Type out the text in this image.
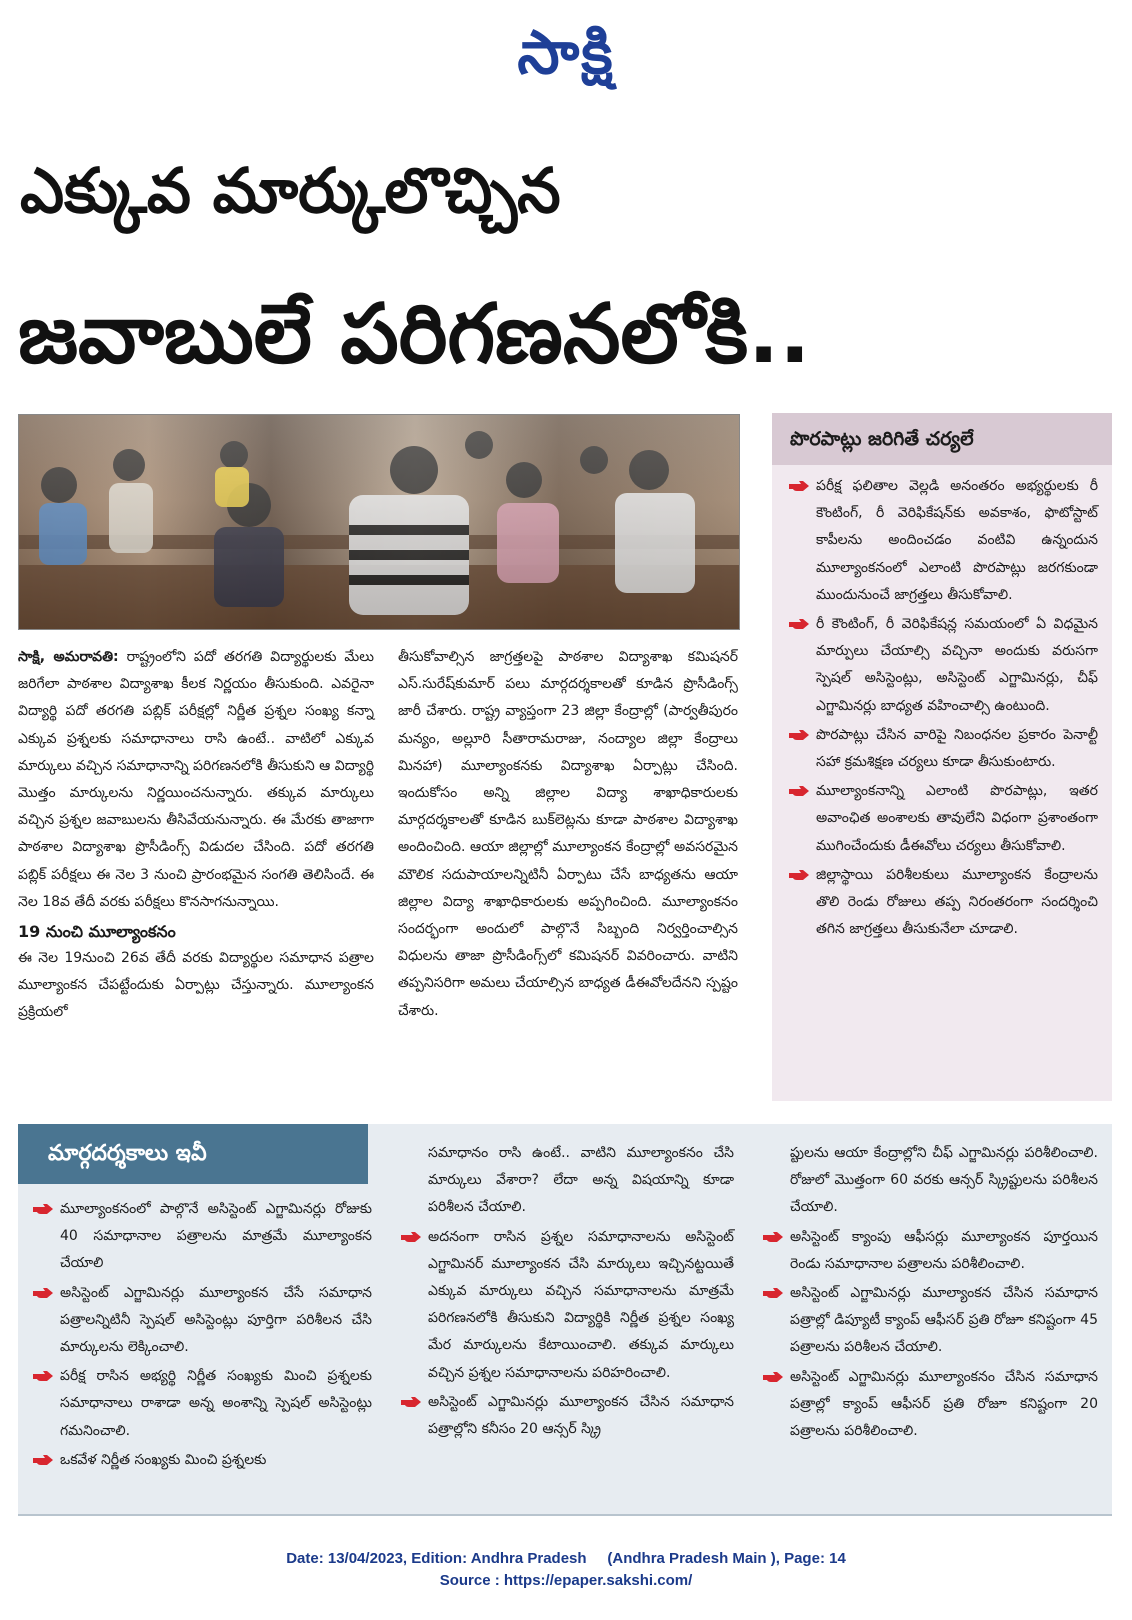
సాక్షి
ఎక్కువ మార్కులొచ్చిన
జవాబులే పరిగణనలోకి..

సాక్షి, అమరావతి: రాష్ట్రంలోని పదో తరగతి విద్యార్థులకు మేలు జరిగేలా పాఠశాల విద్యాశాఖ కీలక నిర్ణయం తీసుకుంది. ఎవరైనా విద్యార్థి పదో తరగతి పబ్లిక్ పరీక్షల్లో నిర్ణీత ప్రశ్నల సంఖ్య కన్నా ఎక్కువ ప్రశ్నలకు సమాధానాలు రాసి ఉంటే.. వాటిలో ఎక్కువ మార్కులు వచ్చిన సమాధానాన్ని పరిగణనలోకి తీసుకుని ఆ విద్యార్థి మొత్తం మార్కులను నిర్ణయించనున్నారు. తక్కువ మార్కులు వచ్చిన ప్రశ్నల జవాబులను తీసివేయనున్నారు. ఈ మేరకు తాజాగా పాఠశాల విద్యాశాఖ ప్రొసీడింగ్స్ విడుదల చేసింది. పదో తరగతి పబ్లిక్ పరీక్షలు ఈ నెల 3 నుంచి ప్రారంభమైన సంగతి తెలిసిందే. ఈ నెల 18వ తేదీ వరకు పరీక్షలు కొనసాగనున్నాయి.

19 నుంచి మూల్యాంకనం

ఈ నెల 19నుంచి 26వ తేదీ వరకు విద్యార్థుల సమాధాన పత్రాల మూల్యాంకన చేపట్టేందుకు ఏర్పాట్లు చేస్తున్నారు. మూల్యాంకన ప్రక్రియలో

తీసుకోవాల్సిన జాగ్రత్తలపై పాఠశాల విద్యాశాఖ కమిషనర్ ఎస్.సురేష్‌కుమార్ పలు మార్గదర్శకాలతో కూడిన ప్రొసీడింగ్స్ జారీ చేశారు. రాష్ట్ర వ్యాప్తంగా 23 జిల్లా కేంద్రాల్లో (పార్వతీపురం మన్యం, అల్లూరి సీతారామరాజు, నంద్యాల జిల్లా కేంద్రాలు మినహా) మూల్యాంకనకు విద్యాశాఖ ఏర్పాట్లు చేసింది. ఇందుకోసం అన్ని జిల్లాల విద్యా శాఖాధికారులకు మార్గదర్శకాలతో కూడిన బుక్‌లెట్లను కూడా పాఠశాల విద్యాశాఖ అందించింది. ఆయా జిల్లాల్లో మూల్యాంకన కేంద్రాల్లో అవసరమైన మౌలిక సదుపాయాలన్నిటినీ ఏర్పాటు చేసే బాధ్యతను ఆయా జిల్లాల విద్యా శాఖాధికారులకు అప్పగించింది. మూల్యాంకనం సందర్భంగా అందులో పాల్గొనే సిబ్బంది నిర్వర్తించాల్సిన విధులను తాజా ప్రొసీడింగ్స్‌లో కమిషనర్ వివరించారు. వాటిని తప్పనిసరిగా అమలు చేయాల్సిన బాధ్యత డీఈవోలదేనని స్పష్టం చేశారు.

పొరపాట్లు జరిగితే చర్యలే
పరీక్ష ఫలితాల వెల్లడి అనంతరం అభ్యర్థులకు రీ కౌంటింగ్, రీ వెరిఫికేషన్‌కు అవకాశం, ఫొటోస్టాట్ కాపీలను అందించడం వంటివి ఉన్నందున మూల్యాంకనంలో ఎలాంటి పొరపాట్లు జరగకుండా ముందునుంచే జాగ్రత్తలు తీసుకోవాలి.
రీ కౌంటింగ్, రీ వెరిఫికేషన్ల సమయంలో ఏ విధమైన మార్పులు చేయాల్సి వచ్చినా అందుకు వరుసగా స్పెషల్ అసిస్టెంట్లు, అసిస్టెంట్ ఎగ్జామినర్లు, చీఫ్ ఎగ్జామినర్లు బాధ్యత వహించాల్సి ఉంటుంది.
పొరపాట్లు చేసిన వారిపై నిబంధనల ప్రకారం పెనాల్టీ సహా క్రమశిక్షణ చర్యలు కూడా తీసుకుంటారు.
మూల్యాంకనాన్ని ఎలాంటి పొరపాట్లు, ఇతర అవాంఛిత అంశాలకు తావులేని విధంగా ప్రశాంతంగా ముగించేందుకు డీఈవోలు చర్యలు తీసుకోవాలి.
జిల్లాస్థాయి పరిశీలకులు మూల్యాంకన కేంద్రాలను తొలి రెండు రోజులు తప్ప నిరంతరంగా సందర్శించి తగిన జాగ్రత్తలు తీసుకునేలా చూడాలి.
మార్గదర్శకాలు ఇవీ
మూల్యాంకనంలో పాల్గొనే అసిస్టెంట్ ఎగ్జామినర్లు రోజుకు 40 సమాధానాల పత్రాలను మాత్రమే మూల్యాంకన చేయాలి
అసిస్టెంట్ ఎగ్జామినర్లు మూల్యాంకన చేసే సమాధాన పత్రాలన్నిటినీ స్పెషల్ అసిస్టెంట్లు పూర్తిగా పరిశీలన చేసి మార్కులను లెక్కించాలి.
పరీక్ష రాసిన అభ్యర్థి నిర్ణీత సంఖ్యకు మించి ప్రశ్నలకు సమాధానాలు రాశాడా అన్న అంశాన్ని స్పెషల్ అసిస్టెంట్లు గమనించాలి.
ఒకవేళ నిర్ణీత సంఖ్యకు మించి ప్రశ్నలకు

సమాధానం రాసి ఉంటే.. వాటిని మూల్యాంకనం చేసి మార్కులు వేశారా? లేదా అన్న విషయాన్ని కూడా పరిశీలన చేయాలి.

అదనంగా రాసిన ప్రశ్నల సమాధానాలను అసిస్టెంట్ ఎగ్జామినర్ మూల్యాంకన చేసి మార్కులు ఇచ్చినట్టయితే ఎక్కువ మార్కులు వచ్చిన సమాధానాలను మాత్రమే పరిగణనలోకి తీసుకుని విద్యార్థికి నిర్ణీత ప్రశ్నల సంఖ్య మేర మార్కులను కేటాయించాలి. తక్కువ మార్కులు వచ్చిన ప్రశ్నల సమాధానాలను పరిహరించాలి.
అసిస్టెంట్ ఎగ్జామినర్లు మూల్యాంకన చేసిన సమాధాన పత్రాల్లోని కనీసం 20 ఆన్సర్ స్క్రి

ప్టులను ఆయా కేంద్రాల్లోని చీఫ్ ఎగ్జామినర్లు పరిశీలించాలి. రోజులో మొత్తంగా 60 వరకు ఆన్సర్ స్క్రిప్టులను పరిశీలన చేయాలి.

అసిస్టెంట్ క్యాంపు ఆఫీసర్లు మూల్యాంకన పూర్తయిన రెండు సమాధానాల పత్రాలను పరిశీలించాలి.
అసిస్టెంట్ ఎగ్జామినర్లు మూల్యాంకన చేసిన సమాధాన పత్రాల్లో డిప్యూటీ క్యాంప్ ఆఫీసర్ ప్రతి రోజూ కనిష్టంగా 45 పత్రాలను పరిశీలన చేయాలి.
అసిస్టెంట్ ఎగ్జామినర్లు మూల్యాంకనం చేసిన సమాధాన పత్రాల్లో క్యాంప్ ఆఫీసర్ ప్రతి రోజూ కనిష్టంగా 20 పత్రాలను పరిశీలించాలి.
Date: 13/04/2023, Edition: Andhra Pradesh     (Andhra Pradesh Main ), Page: 14
Source : https://epaper.sakshi.com/
